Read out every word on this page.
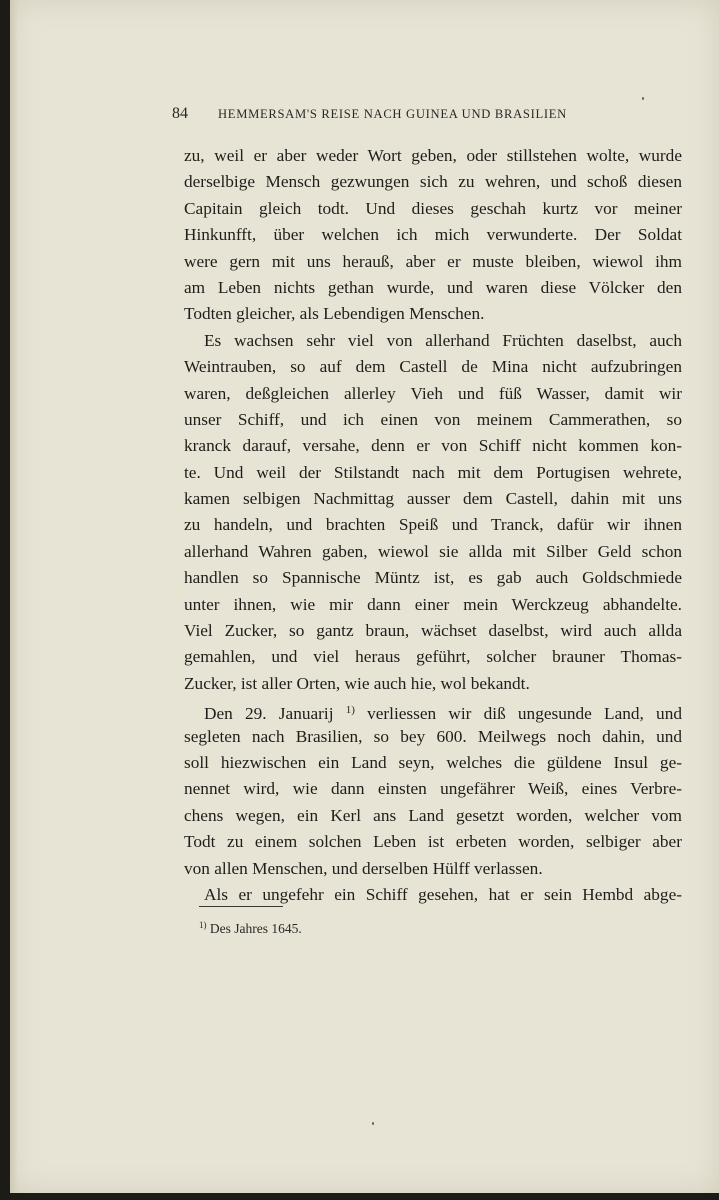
84 HEMMERSAM'S REISE NACH GUINEA UND BRASILIEN
zu, weil er aber weder Wort geben, oder stillstehen wolte, wurde
derselbige Mensch gezwungen sich zu wehren, und schoß diesen
Capitain gleich todt. Und dieses geschah kurtz vor meiner
Hinkunfft, über welchen ich mich verwunderte. Der Soldat
were gern mit uns herauß, aber er muste bleiben, wiewol ihm
am Leben nichts gethan wurde, und waren diese Völcker den
Todten gleicher, als Lebendigen Menschen.
Es wachsen sehr viel von allerhand Früchten daselbst, auch
Weintrauben, so auf dem Castell de Mina nicht aufzubringen
waren, deßgleichen allerley Vieh und füß Wasser, damit wir
unser Schiff, und ich einen von meinem Cammerathen, so
kranck darauf, versahe, denn er von Schiff nicht kommen kon-
te. Und weil der Stilstandt nach mit dem Portugisen wehrete,
kamen selbigen Nachmittag ausser dem Castell, dahin mit uns
zu handeln, und brachten Speiß und Tranck, dafür wir ihnen
allerhand Wahren gaben, wiewol sie allda mit Silber Geld schon
handlen so Spannische Müntz ist, es gab auch Goldschmiede
unter ihnen, wie mir dann einer mein Werckzeug abhandelte.
Viel Zucker, so gantz braun, wächset daselbst, wird auch allda
gemahlen, und viel heraus geführt, solcher brauner Thomas-
Zucker, ist aller Orten, wie auch hie, wol bekandt.
Den 29. Januarij $^{1)}$ verliessen wir diß ungesunde Land, und
segleten nach Brasilien, so bey 600. Meilwegs noch dahin, und
soll hiezwischen ein Land seyn, welches die güldene Insul ge-
nennet wird, wie dann einsten ungefährer Weiß, eines Verbre-
chens wegen, ein Kerl ans Land gesetzt worden, welcher vom
Todt zu einem solchen Leben ist erbeten worden, selbiger aber
von allen Menschen, und derselben Hülff verlassen.
Als er ungefehr ein Schiff gesehen, hat er sein Hembd abge-
$^{1)}$ Des Jahres 1645.
